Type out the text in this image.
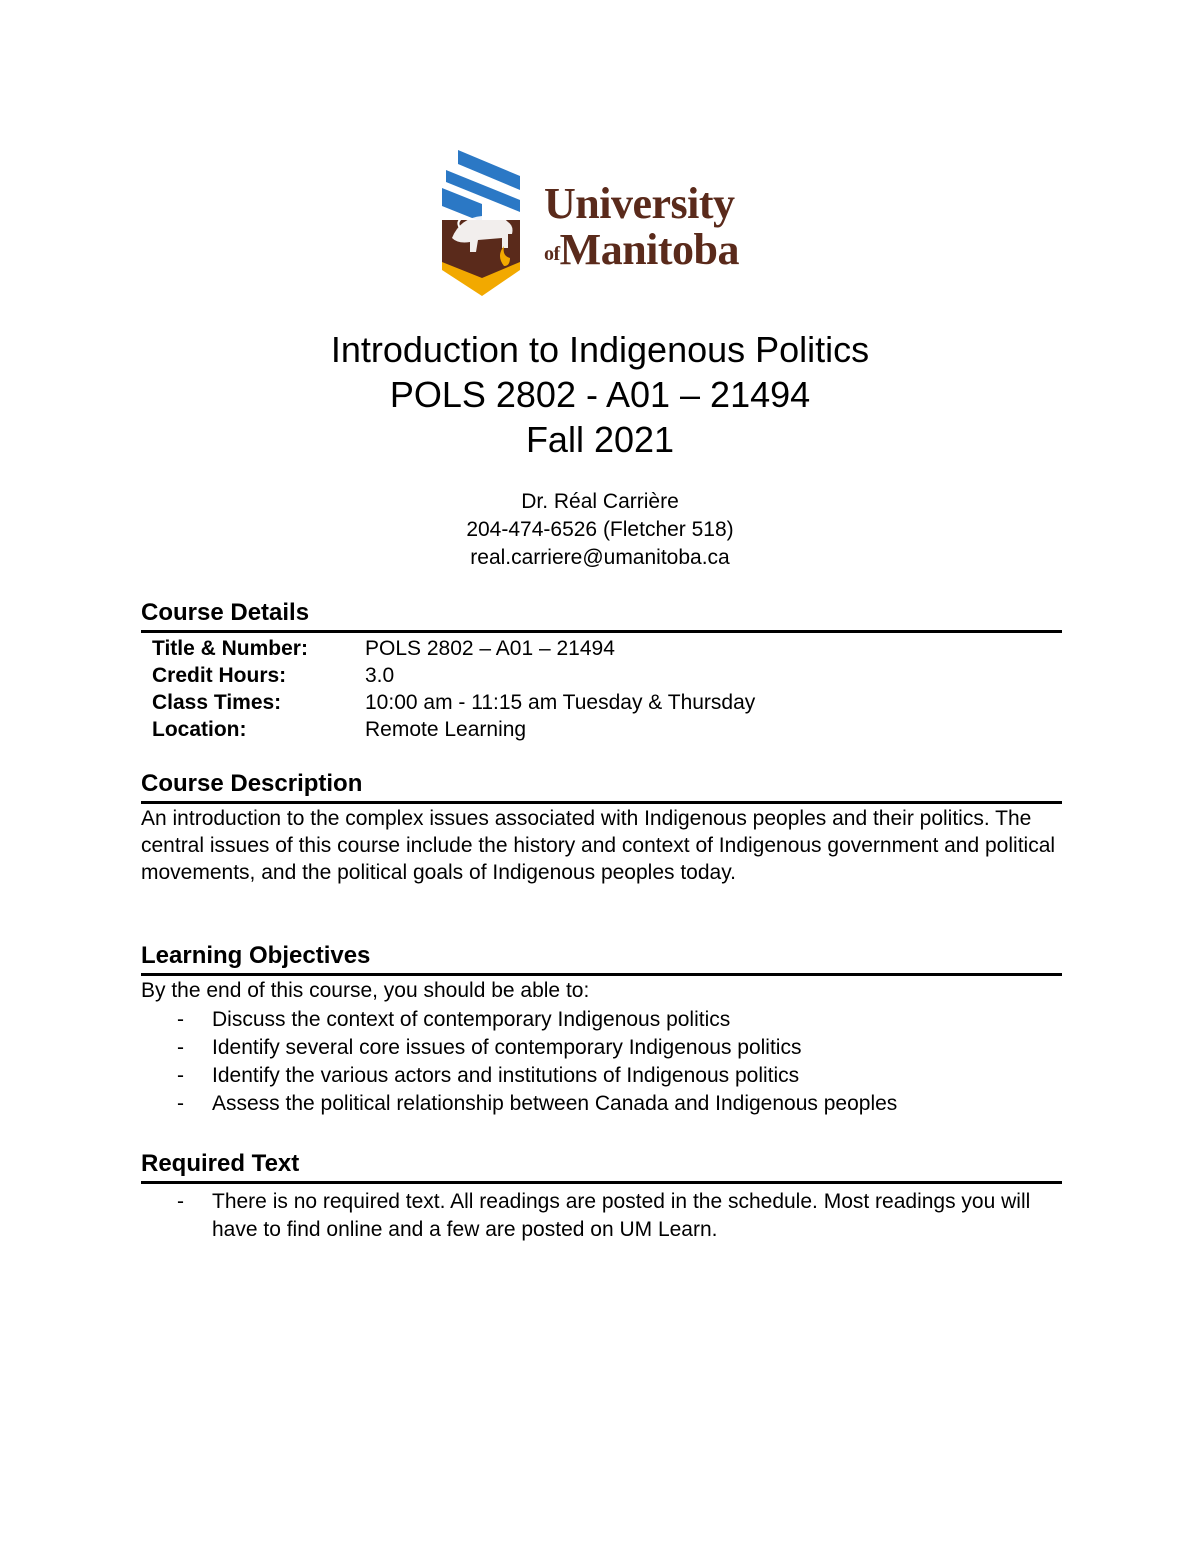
University
ofManitoba
Introduction to Indigenous Politics
POLS 2802 - A01 – 21494
Fall 2021
Dr. Réal Carrière
204-474-6526 (Fletcher 518)
real.carriere@umanitoba.ca
Course Details
Title & Number:	POLS 2802 – A01 – 21494
Credit Hours:	3.0
Class Times:	10:00 am - 11:15 am Tuesday & Thursday
Location:	Remote Learning
Course Description

An introduction to the complex issues associated with Indigenous peoples and their politics. The central issues of this course include the history and context of Indigenous government and political movements, and the political goals of Indigenous peoples today.

Learning Objectives

By the end of this course, you should be able to:

- Discuss the context of contemporary Indigenous politics
- Identify several core issues of contemporary Indigenous politics
- Identify the various actors and institutions of Indigenous politics
- Assess the political relationship between Canada and Indigenous peoples
Required Text
- There is no required text. All readings are posted in the schedule. Most readings you will have to find online and a few are posted on UM Learn.
